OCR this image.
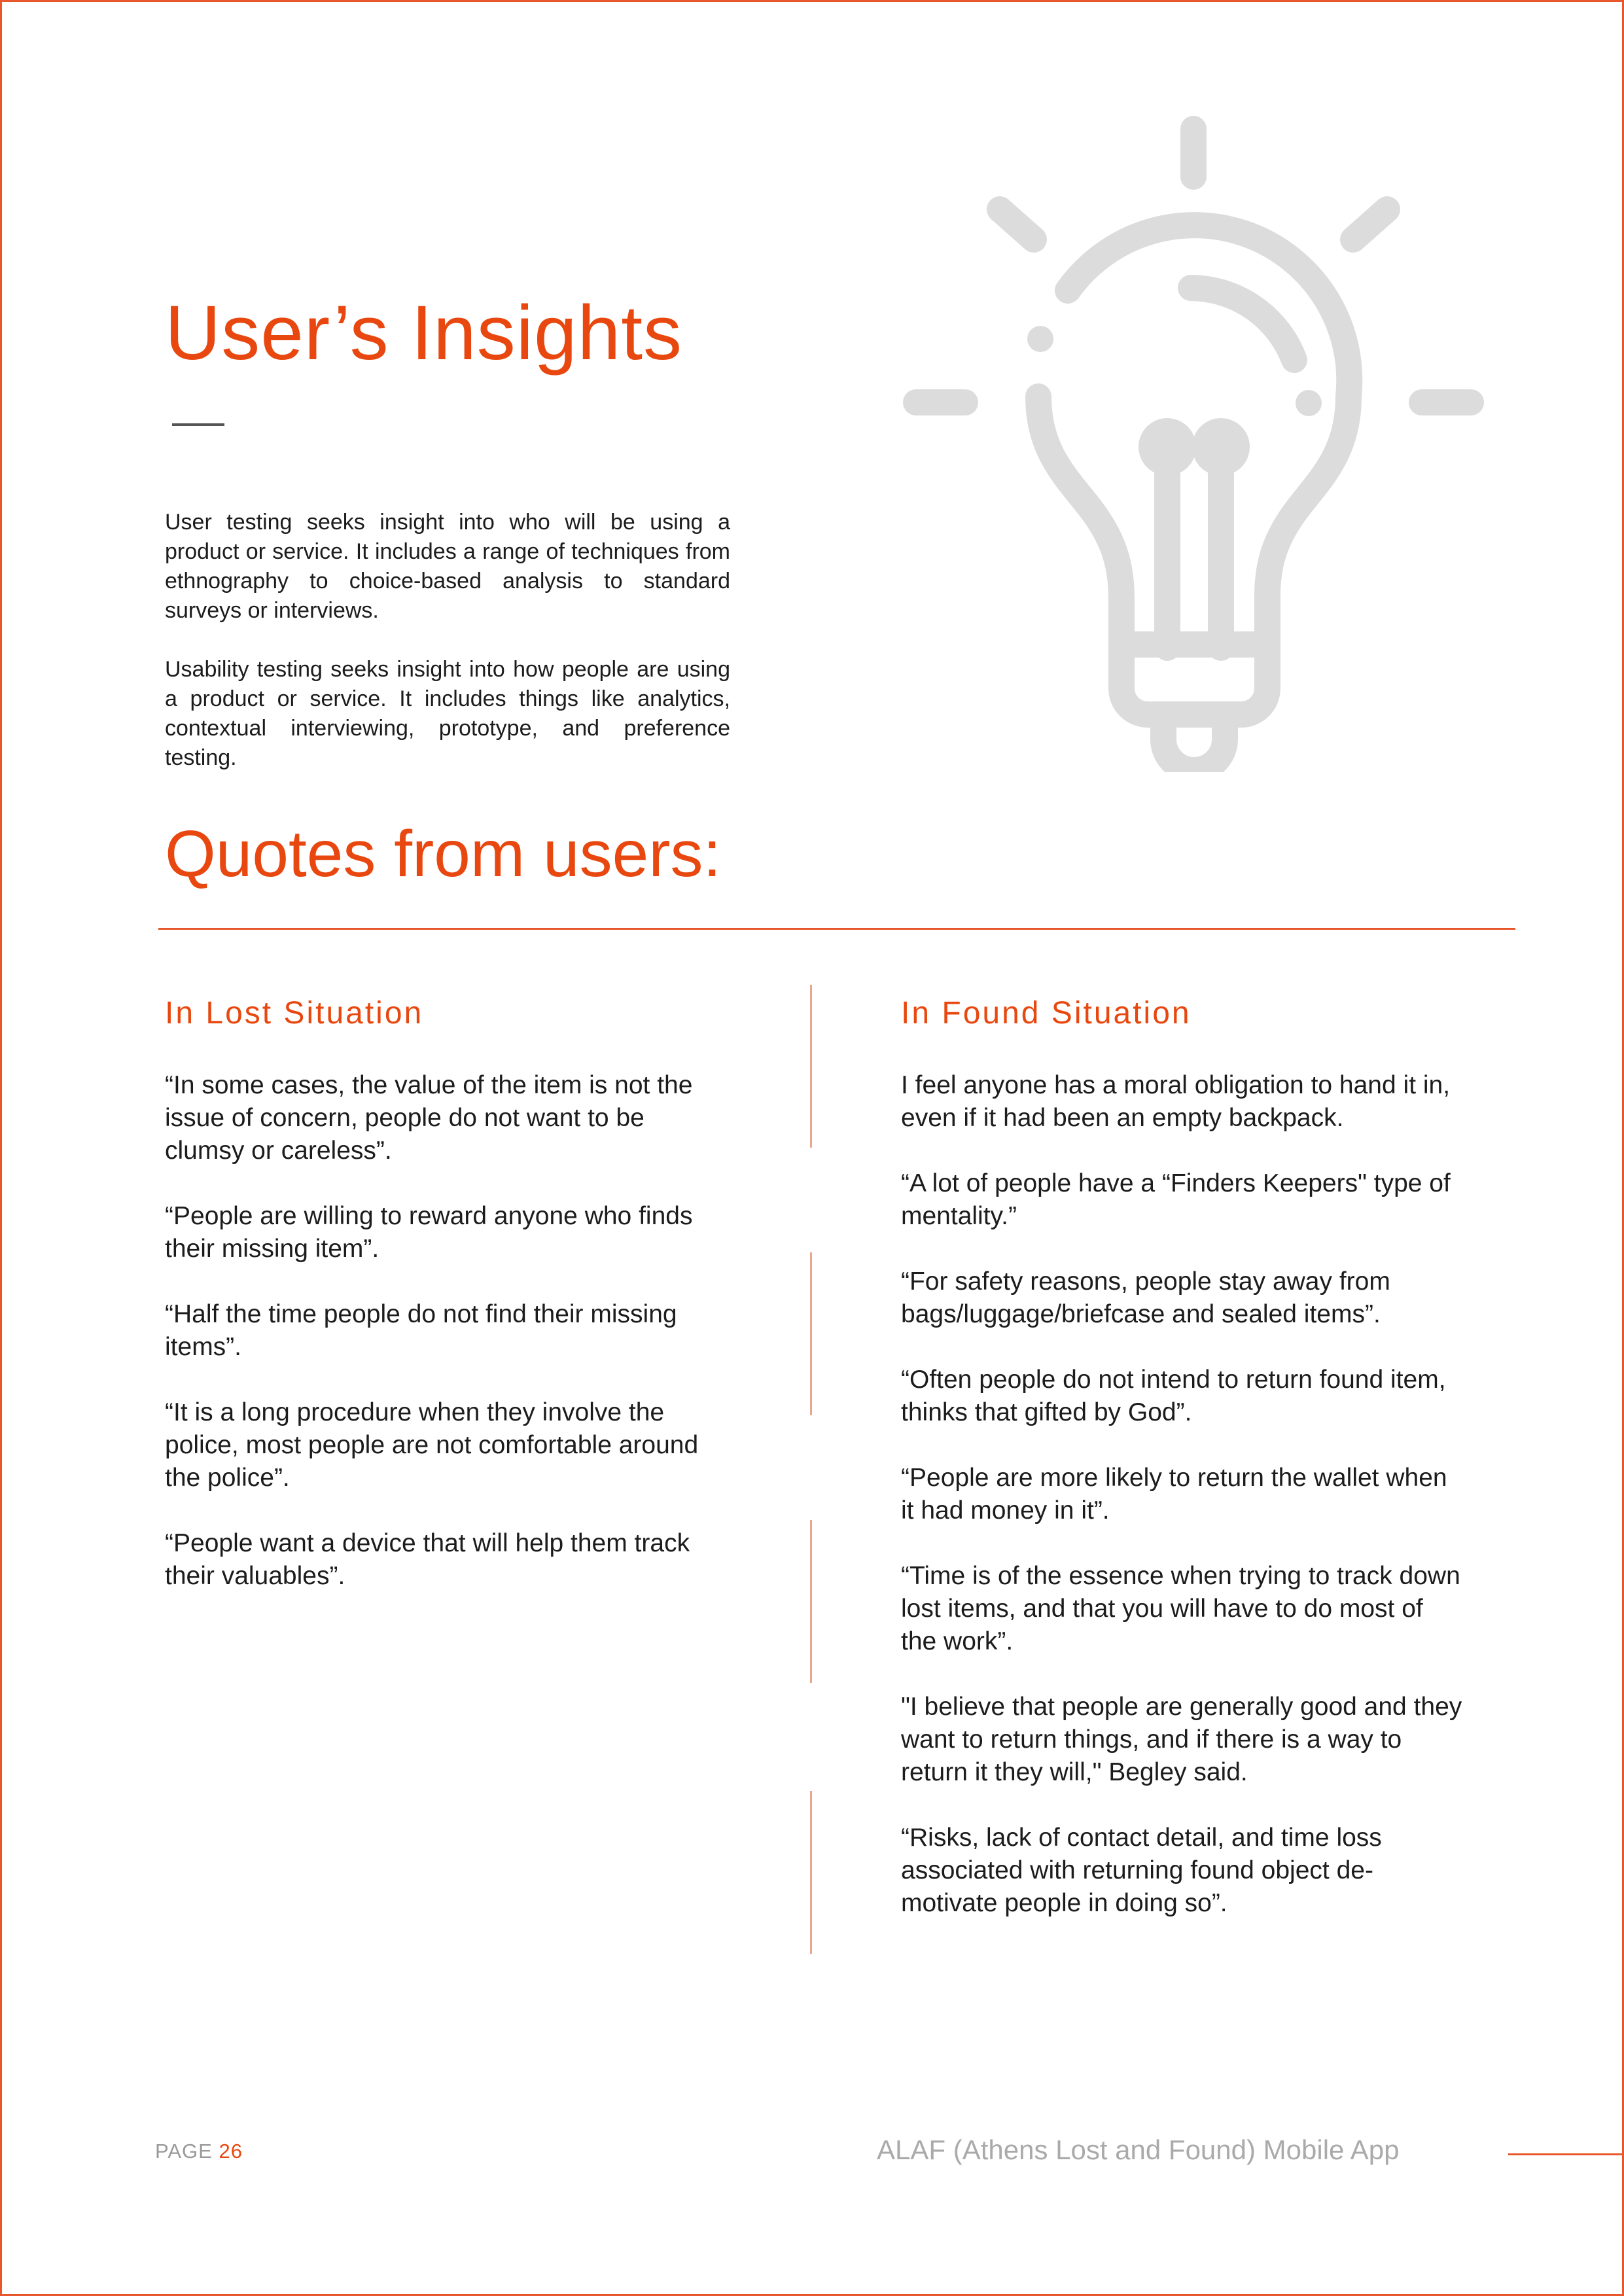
User’s Insights

User testing seeks insight into who will be using a product or service. It includes a range of techniques from ethnography to choice-based analysis to standard surveys or interviews.

Usability testing seeks insight into how people are using a product or service. It includes things like analytics, contextual interviewing, prototype, and preference testing.

Quotes from users:
In Lost Situation

“In some cases, the value of the item is not the issue of concern, people do not want to be clumsy or careless”.

“People are willing to reward anyone who finds their missing item”.

“Half the time people do not find their missing items”.

“It is a long procedure when they involve the police, most people are not comfortable around the police”.

“People want a device that will help them track their valuables”.

In Found Situation

I feel anyone has a moral obligation to hand it in, even if it had been an empty backpack.

“A lot of people have a “Finders Keepers" type of mentality.”

“For safety reasons, people stay away from bags/luggage/briefcase and sealed items”.

“Often people do not intend to return found item, thinks that gifted by God”.

“People are more likely to return the wallet when it had money in it”.

“Time is of the essence when trying to track down lost items, and that you will have to do most of the work”.

"I believe that people are generally good and they want to return things, and if there is a way to return it they will," Begley said.

“Risks, lack of contact detail, and time loss associated with returning found object de-motivate people in doing so”.

PAGE 26	ALAF (Athens Lost and Found) Mobile App
